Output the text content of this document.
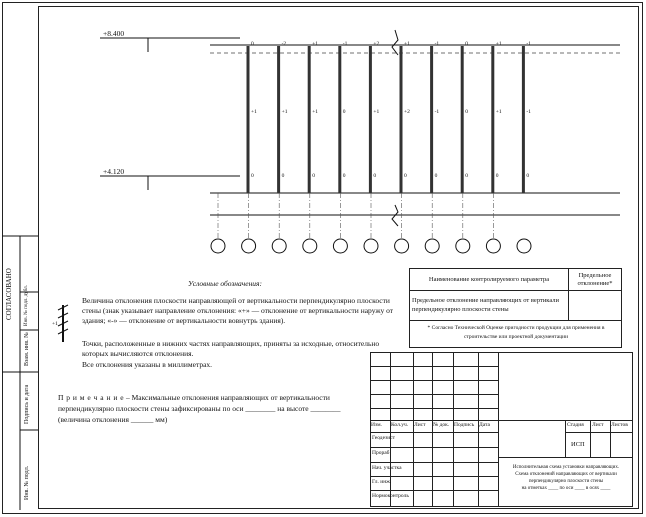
+8.400
+4.120
0
+1
0
-2
+1
0
+1
+1
0
-1
0
0
+2
+1
0
+1
+2
0
-1
-1
0
0
0
0
+1
+1
0
-1
-1
0
Условные обозначения:
+1
Величина отклонения плоскости направляющей от вертикальности перпендикулярно плоскости стены (знак указывает направление отклонения: «+» — отклонение от вертикальности наружу от здания; «-» — отклонение от вертикальности вовнутрь здания).
Точки, расположенные в нижних частях направляющих, приняты за исходные, относительно которых вычисляются отклонения.
Все отклонения указаны в миллиметрах.
П р и м е ч а н и е – Максимальные отклонения направляющих от вертикальности перпендикулярно плоскости стены зафиксированы по оси ________ на высоте ________ (величина отклонения ______ мм)
Наименование контролируемого параметра
Предельное отклонение*
Предельное отклонение направляющих от вертикали перпендикулярно плоскости стены
* Согласно Технической Оценке пригодности продукции для применения в строительстве или проектной документации
Изм. Кол.уч. Лист № док. Подпись Дата
Геодезист
Прораб
Нач. участка
Гл. инж.
Нормоконтроль
Стадия Лист Листов
ИСП
Исполнительная схема установки направляющих.
Схема отклонений направляющих от вертикали
перпендикулярно плоскости стены
на отметках ____ по оси ____ в осях ____
СОГЛАСОВАНО
Взам. инв. №
Подпись и дата
Инв. № подл.
Инв. № подл. дубл.
